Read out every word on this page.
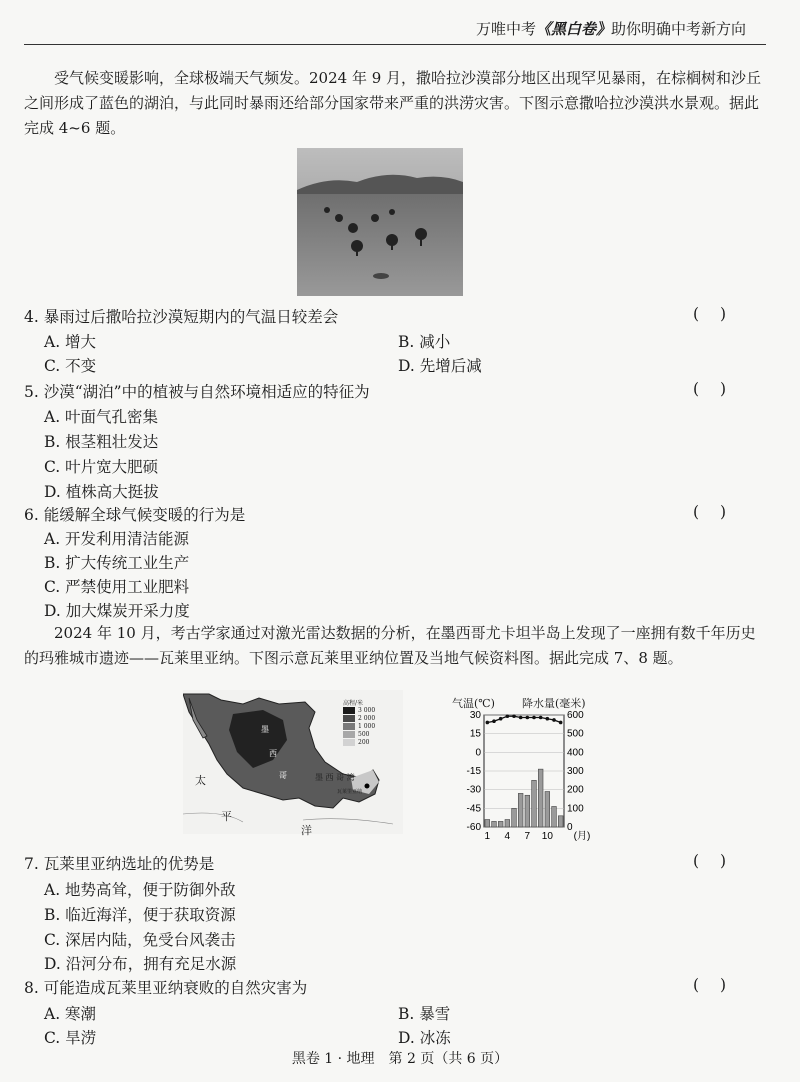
万唯中考《黑白卷》助你明确中考新方向
受气候变暖影响，全球极端天气频发。2024 年 9 月，撒哈拉沙漠部分地区出现罕见暴雨，在棕榈树和沙丘之间形成了蓝色的湖泊，与此同时暴雨还给部分国家带来严重的洪涝灾害。下图示意撒哈拉沙漠洪水景观。据此完成 4~6 题。
4. 暴雨过后撒哈拉沙漠短期内的气温日较差会	( )
A. 增大	B. 减小
C. 不变	D. 先增后减
5. 沙漠“湖泊”中的植被与自然环境相适应的特征为	( )
A. 叶面气孔密集
B. 根茎粗壮发达
C. 叶片宽大肥硕
D. 植株高大挺拔
6. 能缓解全球气候变暖的行为是	( )
A. 开发利用清洁能源
B. 扩大传统工业生产
C. 严禁使用工业肥料
D. 加大煤炭开采力度
2024 年 10 月，考古学家通过对激光雷达数据的分析，在墨西哥尤卡坦半岛上发现了一座拥有数千年历史的玛雅城市遗迹——瓦莱里亚纳。下图示意瓦莱里亚纳位置及当地气候资料图。据此完成 7、8 题。
高程/米
3 000
2 000
1 000
500
200
太
平
洋
墨 西 哥 湾
墨
西
哥
瓦莱里亚纳
气温(℃) 降水量(毫米)
30	600
15	500
0	400
-15	300
-30	200
-45	100
-60	0
1 4 7 10 (月)
7. 瓦莱里亚纳选址的优势是	( )
A. 地势高耸，便于防御外敌
B. 临近海洋，便于获取资源
C. 深居内陆，免受台风袭击
D. 沿河分布，拥有充足水源
8. 可能造成瓦莱里亚纳衰败的自然灾害为	( )
A. 寒潮	B. 暴雪
C. 旱涝	D. 冰冻
黑卷 1 · 地理　第 2 页（共 6 页）
